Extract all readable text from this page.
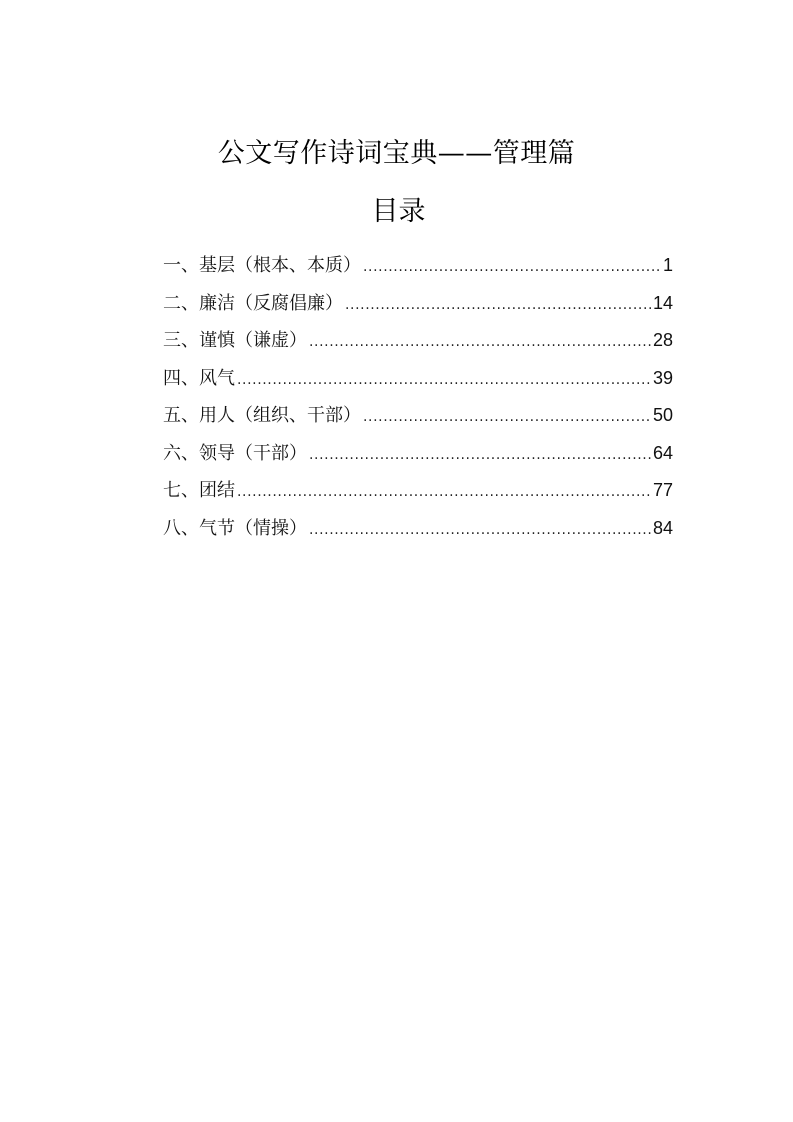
公文写作诗词宝典——管理篇
目录
一、基层（根本、本质） .....	1
二、廉洁（反腐倡廉） .....	14
三、谨慎（谦虚） .....	28
四、风气 .....	39
五、用人（组织、干部） .....	50
六、领导（干部） .....	64
七、团结 .....	77
八、气节（情操） .....	84
